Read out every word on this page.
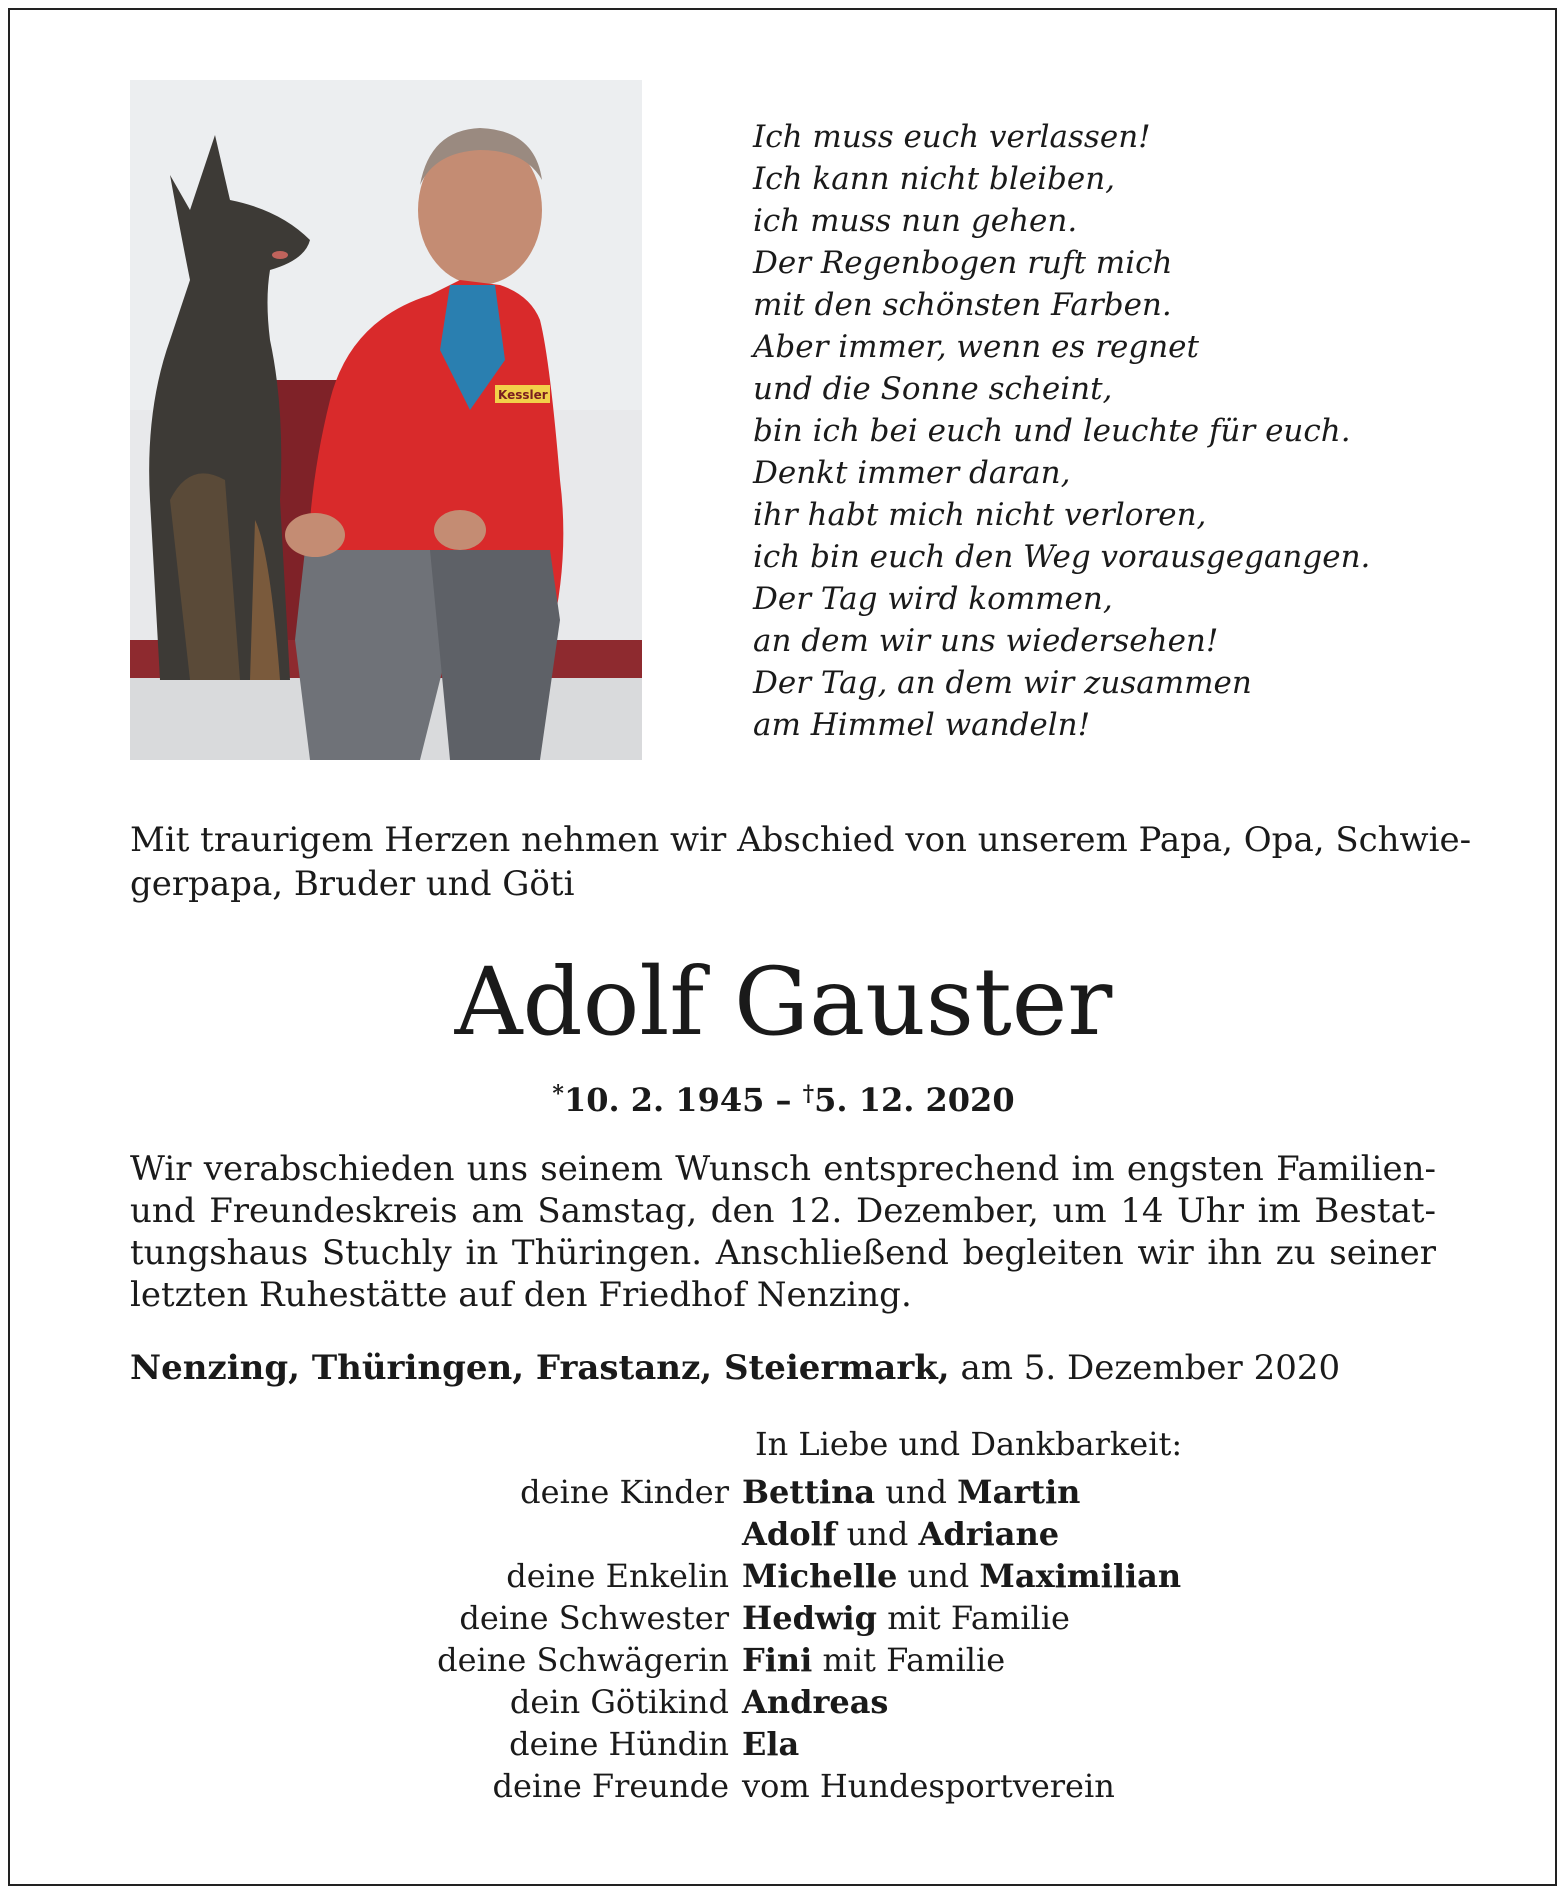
Kessler
Ich muss euch verlassen!
Ich kann nicht bleiben,
ich muss nun gehen.
Der Regenbogen ruft mich
mit den schönsten Farben.
Aber immer, wenn es regnet
und die Sonne scheint,
bin ich bei euch und leuchte für euch.
Denkt immer daran,
ihr habt mich nicht verloren,
ich bin euch den Weg vorausgegangen.
Der Tag wird kommen,
an dem wir uns wiedersehen!
Der Tag, an dem wir zusammen
am Himmel wandeln!
Mit traurigem Herzen nehmen wir Abschied von unserem Papa, Opa, Schwie-
gerpapa, Bruder und Göti
Adolf Gauster
*10. 2. 1945 – †5. 12. 2020
Wir verabschieden uns seinem Wunsch entsprechend im engsten Familien-
und Freundeskreis am Samstag, den 12. Dezember, um 14 Uhr im Bestat-
tungshaus Stuchly in Thüringen. Anschließend begleiten wir ihn zu seiner
letzten Ruhestätte auf den Friedhof Nenzing.
Nenzing, Thüringen, Frastanz, Steiermark, am 5. Dezember 2020
In Liebe und Dankbarkeit:
deine Kinder Bettina und Martin
Adolf und Adriane
deine Enkelin Michelle und Maximilian
deine Schwester Hedwig mit Familie
deine Schwägerin Fini mit Familie
dein Götikind Andreas
deine Hündin Ela
deine Freunde vom Hundesportverein
